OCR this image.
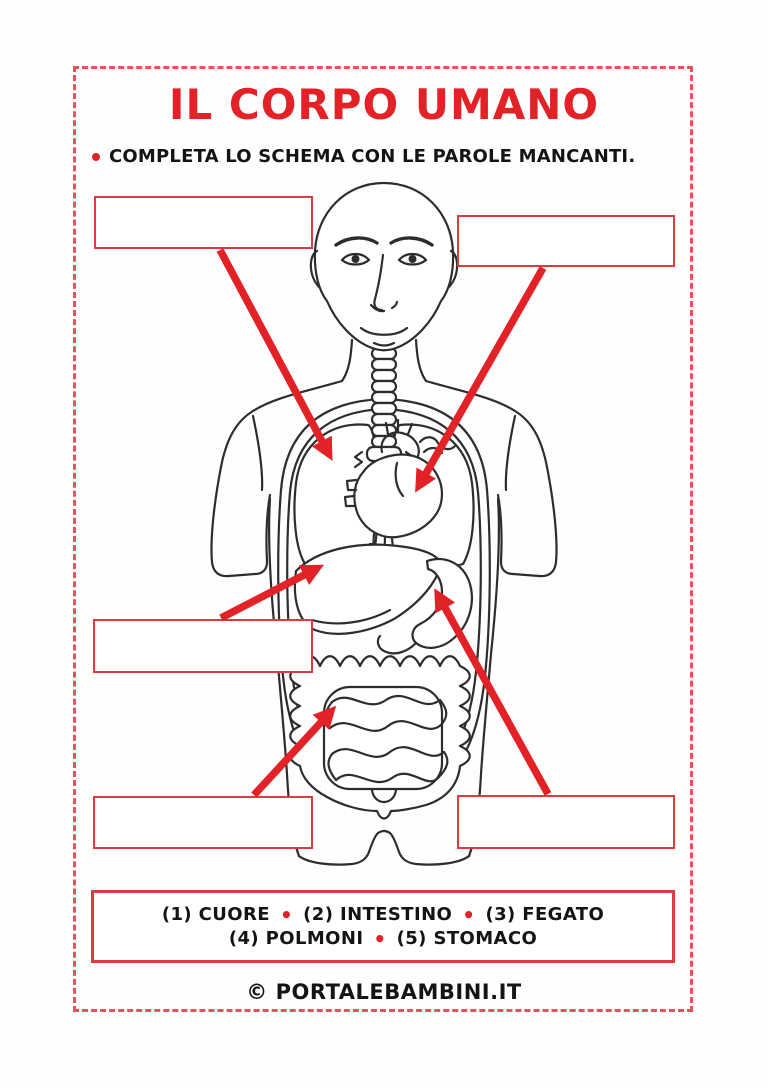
IL CORPO UMANO
COMPLETA LO SCHEMA CON LE PAROLE MANCANTI.
(1) CUORE • (2) INTESTINO • (3) FEGATO
(4) POLMONI • (5) STOMACO
© PORTALEBAMBINI.IT
